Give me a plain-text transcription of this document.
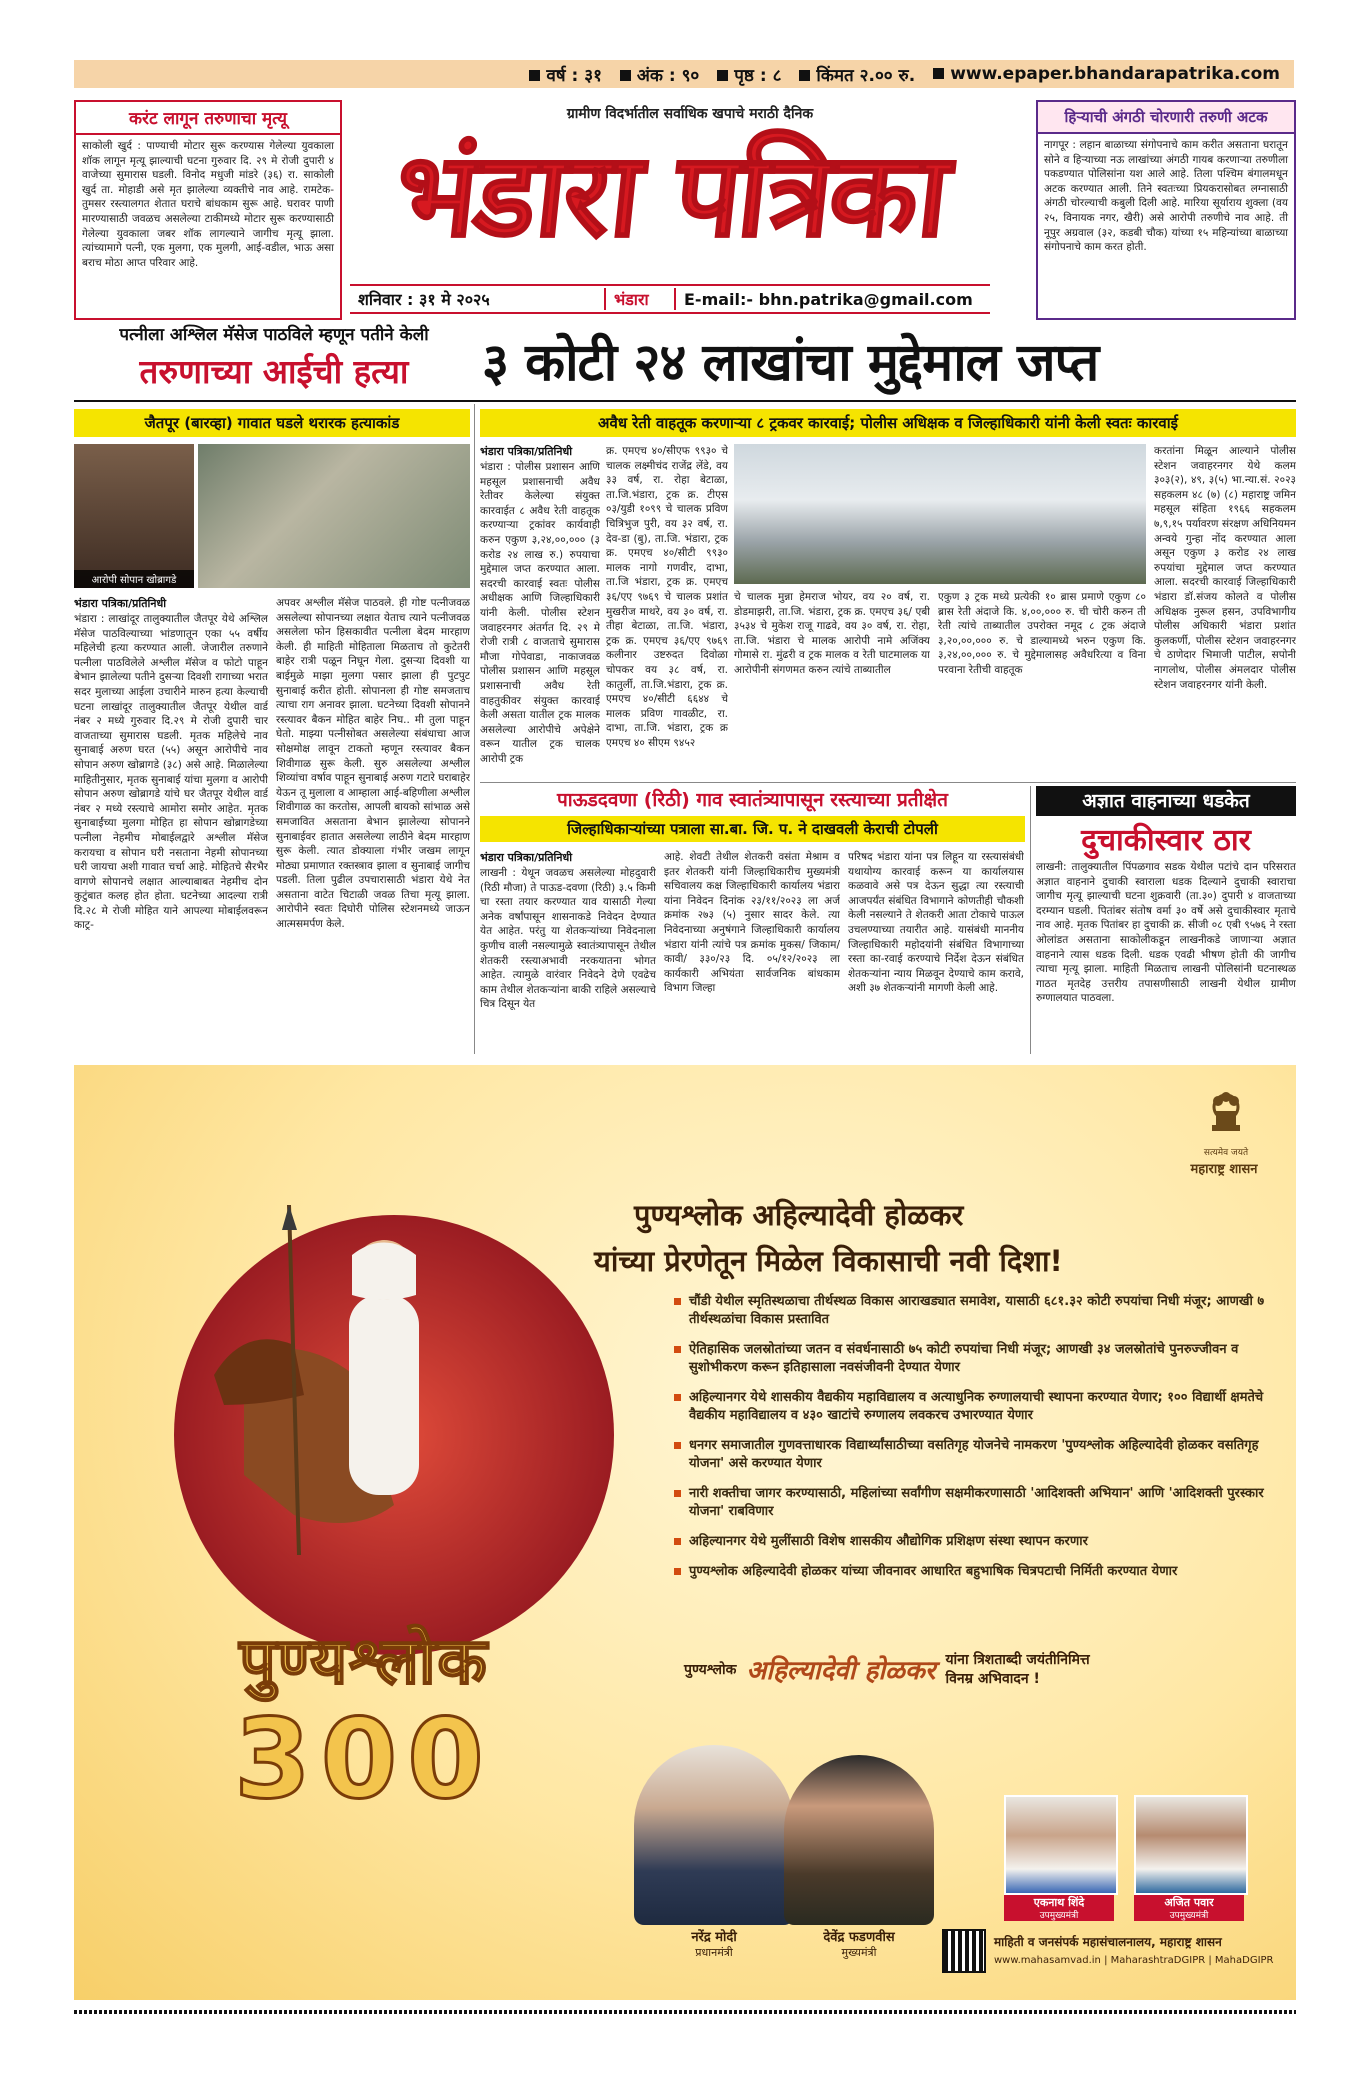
वर्ष : ३१	अंक : ९०	पृष्ठ : ८	किंमत २.०० रु.	www.epaper.bhandarapatrika.com
करंट लागून तरुणाचा मृत्यू
साकोली खुर्द : पाण्याची मोटार सुरू करण्यास गेलेल्या युवकाला शॉक लागून मृत्यू झाल्याची घटना गुरुवार दि. २९ मे रोजी दुपारी ४ वाजेच्या सुमारास घडली. विनोद मधुजी मांडरे (३६) रा. साकोली खुर्द ता. मोहाडी असे मृत झालेल्या व्यक्तीचे नाव आहे. रामटेक-तुमसर रस्त्यालगत शेतात घराचे बांधकाम सुरू आहे. घरावर पाणी मारण्यासाठी जवळच असलेल्या टाकीमध्ये मोटार सुरू करण्यासाठी गेलेल्या युवकाला जबर शॉक लागल्याने जागीच मृत्यू झाला. त्यांच्यामागे पत्नी, एक मुलगा, एक मुलगी, आई-वडील, भाऊ असा बराच मोठा आप्त परिवार आहे.
ग्रामीण विदर्भातील सर्वाधिक खपाचे मराठी दैनिक
भंडारा पत्रिका
शनिवार : ३१ मे २०२५	भंडारा	E-mail:- bhn.patrika@gmail.com
हिऱ्याची अंगठी चोरणारी तरुणी अटक
नागपूर : लहान बाळाच्या संगोपनाचे काम करीत असताना घरातून सोने व हिऱ्याच्या नऊ लाखांच्या अंगठी गायब करणाऱ्या तरुणीला पकडण्यात पोलिसांना यश आले आहे. तिला पश्चिम बंगालमधून अटक करण्यात आली. तिने स्वतःच्या प्रियकरासोबत लग्नासाठी अंगठी चोरल्याची कबुली दिली आहे. मारिया सूर्याराय शुक्ला (वय २५, विनायक नगर, खैरी) असे आरोपी तरुणीचे नाव आहे. ती नूपुर अग्रवाल (३२, कडबी चौक) यांच्या १५ महिन्यांच्या बाळाच्या संगोपनाचे काम करत होती.
पत्नीला अश्लिल मॅसेज पाठविले म्हणून पतीने केली
तरुणाच्या आईची हत्या	३ कोटी २४ लाखांचा मुद्देमाल जप्त
जैतपूर (बारव्हा) गावात घडले थरारक हत्याकांड
आरोपी सोपान खोब्रागडे
भंडारा पत्रिका/प्रतिनिधी
भंडारा : लाखांदूर तालुक्यातील जैतपूर येथे अश्लिल मॅसेज पाठविल्याच्या भांडणातून एका ५५ वर्षीय महिलेची हत्या करण्यात आली. जेजारील तरुणाने पत्नीला पाठविलेले अश्लील मॅसेज व फोटो पाहून बेभान झालेल्या पतीने दुसऱ्या दिवशी रागाच्या भरात सदर मुलाच्या आईला उचारीने मारुन हत्या केल्याची घटना लाखांदूर तालुक्यातील जैतपूर येथील वार्ड नंबर २ मध्ये गुरुवार दि.२९ मे रोजी दुपारी चार वाजताच्या सुमारास घडली. मृतक महिलेचे नाव सुनाबाई अरुण घरत (५५) असून आरोपीचे नाव सोपान अरुण खोब्रागडे (३८) असे आहे. मिळालेल्या माहितीनुसार, मृतक सुनाबाई यांचा मुलगा व आरोपी सोपान अरुण खोब्रागडे यांचे घर जैतपूर येथील वार्ड नंबर २ मध्ये रस्त्याचे आमोरा समोर आहेत. मृतक सुनाबाईंच्या मुलगा मोहित हा सोपान खोब्रागडेच्या पत्नीला नेहमीच मोबाईलद्वारे अश्लील मॅसेज करायचा व सोपान घरी नसताना नेहमी सोपानच्या घरी जायचा अशी गावात चर्चा आहे. मोहितचे सैरभैर वागणे सोपानचे लक्षात आल्याबाबत नेहमीच दोन कुटुंबात कलह होत होता. घटनेच्या आदल्या रात्री दि.२८ मे रोजी मोहित याने आपल्या मोबाईलवरून काट्र-
अपवर अश्लील मॅसेज पाठवले. ही गोष्ट पत्नीजवळ असलेल्या सोपानच्या लक्षात येताच त्याने पत्नीजवळ असलेला फोन हिसकावीत पत्नीला बेदम मारहाण केली. ही माहिती मोहिताला मिळताच तो कुटेतरी बाहेर रात्री पळून निघून गेला. दुसऱ्या दिवशी या बाईमुळे माझा मुलगा पसार झाला ही पुटपुट सुनाबाई करीत होती. सोपानला ही गोष्ट समजताच त्याचा राग अनावर झाला. घटनेच्या दिवशी सोपानने रस्त्यावर बैकन मोहित बाहेर निघ.. मी तुला पाहून घेतो. माझ्या पत्नीसोबत असलेल्या संबंधाचा आज सोक्षमोक्ष लावून टाकतो म्हणून रस्त्यावर बैकन शिवीगाळ सुरू केली. सुरु असलेल्या अश्लील शिव्यांचा वर्षाव पाहून सुनाबाई अरुण गटारे घराबाहेर येऊन तू मुलाला व आम्हाला आई-बहिणीला अश्लील शिवीगाळ का करतोस, आपली बायको सांभाळ असे समजावित असताना बेभान झालेल्या सोपानने सुनाबाईवर हातात असलेल्या लाठीने बेदम मारहाण सुरू केली. त्यात डोक्याला गंभीर जखम लागून मोठ्या प्रमाणात रक्तस्त्राव झाला व सुनाबाई जागीच पडली. तिला पुढील उपचारासाठी भंडारा येथे नेत असताना वाटेत चिटाळी जवळ तिचा मृत्यू झाला. आरोपीने स्वतः दिघोरी पोलिस स्टेशनमध्ये जाऊन आत्मसमर्पण केले.
अवैध रेती वाहतूक करणाऱ्या ८ ट्रकवर कारवाई; पोलीस अधिक्षक व जिल्हाधिकारी यांनी केली स्वतः कारवाई
भंडारा पत्रिका/प्रतिनिधी
भंडारा : पोलीस प्रशासन आणि महसूल प्रशासनाची अवैध रेतीवर केलेल्या संयुक्त कारवाईत ८ अवैध रेती वाहतूक करण्याऱ्या ट्रकांवर कार्यवाही करुन एकुण ३,२४,००,००० (३ करोड २४ लाख रु.) रुपयाचा मुद्देमाल जप्त करण्यात आला. सदरची कारवाई स्वतः पोलीस अधीक्षक आणि जिल्हाधिकारी यांनी केली. पोलीस स्टेशन जवाहरनगर अंतर्गत दि. २९ मे रोजी रात्री ८ वाजताचे सुमारास मौजा गोपेवाडा, नाकाजवळ पोलीस प्रशासन आणि महसूल प्रशासनाची अवैध रेती वाहतुकीवर संयुक्त कारवाई केली असता यातील ट्रक मालक असलेल्या आरोपीचे अपेक्षेने वरून यातील ट्रक चालक आरोपी ट्रक
क्र. एमएच ४०/सीएफ ९९३० चे चालक लक्ष्मीचंद राजेंद्र लेंडे, वय ३३ वर्ष, रा. रोहा बेटाळा, ता.जि.भंडारा, ट्रक क्र. टीएस ०३/युडी १०९९ चे चालक प्रविण चित्रिभुज पुरी, वय ३२ वर्ष, रा. देव-डा (बु), ता.जि. भंडारा, ट्रक क्र. एमएच ४०/सीटी ९९३० मालक नागो गणवीर, दाभा, ता.जि भंडारा, ट्रक क्र. एमएच ३६/एए ९७६९ चे चालक प्रशांत मुखरीज माथरे, वय ३० वर्ष, रा. तीहा बेटाळा, ता.जि. भंडारा, ट्रक क्र. एमएच ३६/एए ९७६९ कलीनार उष्टरुदत दिवोळा चोपकर वय ३८ वर्ष, रा. कातुर्ली, ता.जि.भंडारा, ट्रक क्र. एमएच ४०/सीटी ६६४४ चे मालक प्रविण गावळीट, रा. दाभा, ता.जि. भंडारा, ट्रक क्र एमएच ४० सीएम ९४५२
चे चालक मुन्ना हेमराज भोयर, वय २० वर्ष, रा. डोडमाझरी, ता.जि. भंडारा, ट्रक क्र. एमएच ३६/ एबी ३५३४ चे मुकेश राजू गाढवे, वय ३० वर्ष, रा. रोहा, ता.जि. भंडारा चे मालक आरोपी नामे अजिंक्य गोमासे रा. मुंढरी व ट्रक मालक व रेती घाटमालक या आरोपीनी संगणमत करुन त्यांचे ताब्यातील
एकुण ३ ट्रक मध्ये प्रत्येकी १० ब्रास प्रमाणे एकुण ८० ब्रास रेती अंदाजे कि. ४,००,००० रु. ची चोरी करुन ती रेती त्यांचे ताब्यातील उपरोक्त नमूद ८ ट्रक अंदाजे ३,२०,००,००० रु. चे डाल्यामध्ये भरुन एकुण कि. ३,२४,००,००० रु. चे मुद्देमालासह अवैधरित्या व विना परवाना रेतीची वाहतूक
करतांना मिळून आल्याने पोलीस स्टेशन जवाहरनगर येथे कलम ३०३(२), ४९, ३(५) भा.न्या.सं. २०२३ सहकलम ४८ (७) (८) महाराष्ट्र जमिन महसूल संहिता १९६६ सहकलम ७,९,१५ पर्यावरण संरक्षण अधिनियमन अन्वये गुन्हा नोंद करण्यात आला असून एकुण ३ करोड २४ लाख रुपयांचा मुद्देमाल जप्त करण्यात आला. सदरची कारवाई जिल्हाधिकारी भंडारा डॉ.संजय कोलते व पोलीस अधिक्षक नुरूल हसन, उपविभागीय पोलीस अधिकारी भंडारा प्रशांत कुलकर्णी, पोलीस स्टेशन जवाहरनगर चे ठाणेदार भिमाजी पाटील, सपोनी नागलोथ, पोलीस अंमलदार पोलीस स्टेशन जवाहरनगर यांनी केली.
पाऊडदवणा (रिठी) गाव स्वातंत्र्यापासून रस्त्याच्या प्रतीक्षेत
जिल्हाधिकाऱ्यांच्या पत्राला सा.बा. जि. प. ने दाखवली केराची टोपली
भंडारा पत्रिका/प्रतिनिधी
लाखनी : येथून जवळच असलेल्या मोहदुवारी (रिठी मौजा) ते पाऊड-दवणा (रिठी) ३.५ किमी चा रस्ता तयार करण्यात याव यासाठी गेल्या अनेक वर्षांपासून शासनाकडे निवेदन देण्यात येत आहेत. परंतु या शेतकऱ्यांच्या निवेदनाला कुणीच वाली नसल्यामुळे स्वातंत्र्यापासून तेथील शेतकरी रस्त्याअभावी नरकयातना भोगत आहेत. त्यामुळे वारंवार निवेदने देणे एवढेच काम तेथील शेतकऱ्यांना बाकी राहिले असल्याचे चित्र दिसून येत
आहे. शेवटी तेथील शेतकरी वसंता मेश्राम व इतर शेतकरी यांनी जिल्हाधिकारीच मुख्यमंत्री सचिवालय कक्ष जिल्हाधिकारी कार्यालय भंडारा यांना निवेदन दिनांक २३/११/२०२३ ला अर्ज क्रमांक २७३ (५) नुसार सादर केले. त्या निवेदनाच्या अनुषंगाने जिल्हाधिकारी कार्यालय भंडारा यांनी त्यांचे पत्र क्रमांक मुकस/ जिकाम/ कावी/ ३३०/२३ दि. ०५/१२/२०२३ ला कार्यकारी अभियंता सार्वजनिक बांधकाम विभाग जिल्हा
परिषद भंडारा यांना पत्र लिहून या रस्त्यासंबंधी यथायोग्य कारवाई करून या कार्यालयास कळवावे असे पत्र देऊन सुद्धा त्या रस्त्याची आजपर्यंत संबंधित विभागाने कोणतीही चौकशी केली नसल्याने ते शेतकरी आता टोकाचे पाऊल उचलण्याच्या तयारीत आहे. यासंबंधी माननीय जिल्हाधिकारी महोदयांनी संबंधित विभागाच्या रस्ता का-रवाई करण्याचे निर्देश देऊन संबंधित शेतकऱ्यांना न्याय मिळवून देण्याचे काम करावे, अशी ३७ शेतकऱ्यांनी मागणी केली आहे.
अज्ञात वाहनाच्या धडकेत
दुचाकीस्वार ठार
लाखनी: तालुक्यातील पिंपळगाव सडक येथील पटांचे दान परिसरात अज्ञात वाहनाने दुचाकी स्वाराला धडक दिल्याने दुचाकी स्वाराचा जागीच मृत्यू झाल्याची घटना शुक्रवारी (ता.३०) दुपारी ४ वाजताच्या दरम्यान घडली. पितांबर संतोष वर्मा ३० वर्षे असे दुचाकीस्वार मृताचे नाव आहे. मृतक पितांबर हा दुचाकी क्र. सीजी ०८ एबी ९५७६ ने रस्ता ओलांडत असताना साकोलीकडून लाखनीकडे जाणाऱ्या अज्ञात वाहनाने त्यास धडक दिली. धडक एवढी भीषण होती की जागीच त्याचा मृत्यू झाला. माहिती मिळताच लाखनी पोलिसांनी घटनास्थळ गाठत मृतदेह उत्तरीय तपासणीसाठी लाखनी येथील ग्रामीण रुग्णालयात पाठवला.
सत्यमेव जयते
महाराष्ट्र शासन
पुण्यश्लोक अहिल्यादेवी होळकर
यांच्या प्रेरणेतून मिळेल विकासाची नवी दिशा!
पुण्यश्लोक
300
चौंडी येथील स्मृतिस्थळाचा तीर्थस्थळ विकास आराखड्यात समावेश, यासाठी ६८१.३२ कोटी रुपयांचा निधी मंजूर; आणखी ७ तीर्थस्थळांचा विकास प्रस्तावित
ऐतिहासिक जलस्रोतांच्या जतन व संवर्धनासाठी ७५ कोटी रुपयांचा निधी मंजूर; आणखी ३४ जलस्रोतांचे पुनरुज्जीवन व सुशोभीकरण करून इतिहासाला नवसंजीवनी देण्यात येणार
अहिल्यानगर येथे शासकीय वैद्यकीय महाविद्यालय व अत्याधुनिक रुग्णालयाची स्थापना करण्यात येणार; १०० विद्यार्थी क्षमतेचे वैद्यकीय महाविद्यालय व ४३० खाटांचे रुग्णालय लवकरच उभारण्यात येणार
धनगर समाजातील गुणवत्ताधारक विद्यार्थ्यांसाठीच्या वसतिगृह योजनेचे नामकरण 'पुण्यश्लोक अहिल्यादेवी होळकर वसतिगृह योजना' असे करण्यात येणार
नारी शक्तीचा जागर करण्यासाठी, महिलांच्या सर्वांगीण सक्षमीकरणासाठी 'आदिशक्ती अभियान' आणि 'आदिशक्ती पुरस्कार योजना' राबविणार
अहिल्यानगर येथे मुलींसाठी विशेष शासकीय औद्योगिक प्रशिक्षण संस्था स्थापन करणार
पुण्यश्लोक अहिल्यादेवी होळकर यांच्या जीवनावर आधारित बहुभाषिक चित्रपटाची निर्मिती करण्यात येणार
पुण्यश्लोक अहिल्यादेवी होळकर यांना त्रिशताब्दी जयंतीनिमित्त
विनम्र अभिवादन !
नरेंद्र मोदी
प्रधानमंत्री
देवेंद्र फडणवीस
मुख्यमंत्री
एकनाथ शिंदे
उपमुख्यमंत्री
अजित पवार
उपमुख्यमंत्री
माहिती व जनसंपर्क महासंचालनालय, महाराष्ट्र शासन
www.mahasamvad.in | MaharashtraDGIPR | MahaDGIPR
